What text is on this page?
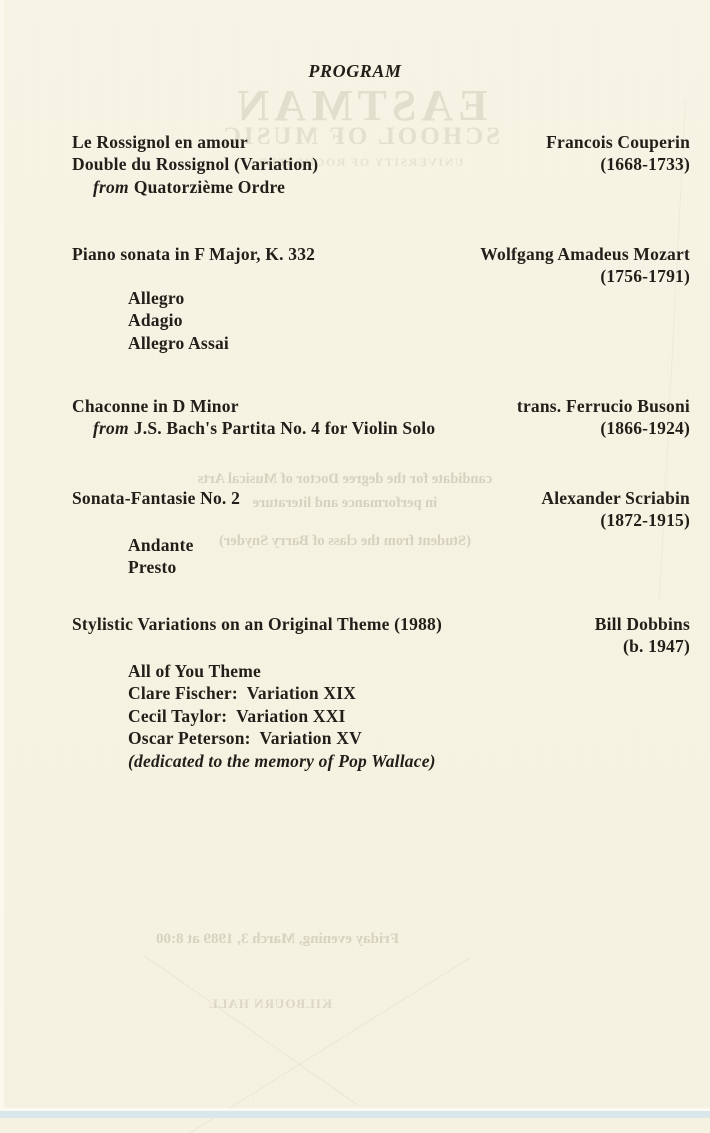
EASTMAN
SCHOOL OF MUSIC
UNIVERSITY OF ROCHESTER
candidate for the degree Doctor of Musical Arts
in performance and literature
(Student from the class of Barry Snyder)
Friday evening, March 3, 1989 at 8:00
KILBOURN HALL
PROGRAM
Le Rossignol en amour
Double du Rossignol (Variation)
from Quatorzième Ordre
Francois Couperin
(1668-1733)
Piano sonata in F Major, K. 332	Wolfgang Amadeus Mozart
(1756-1791)
Allegro
Adagio
Allegro Assai
Chaconne in D Minor
from J.S. Bach's Partita No. 4 for Violin Solo
trans. Ferrucio Busoni
(1866-1924)
Sonata-Fantasie No. 2	Alexander Scriabin
(1872-1915)
Andante
Presto
Stylistic Variations on an Original Theme (1988)	Bill Dobbins
(b. 1947)
All of You Theme
Clare Fischer:  Variation XIX
Cecil Taylor:  Variation XXI
Oscar Peterson:  Variation XV
(dedicated to the memory of Pop Wallace)
